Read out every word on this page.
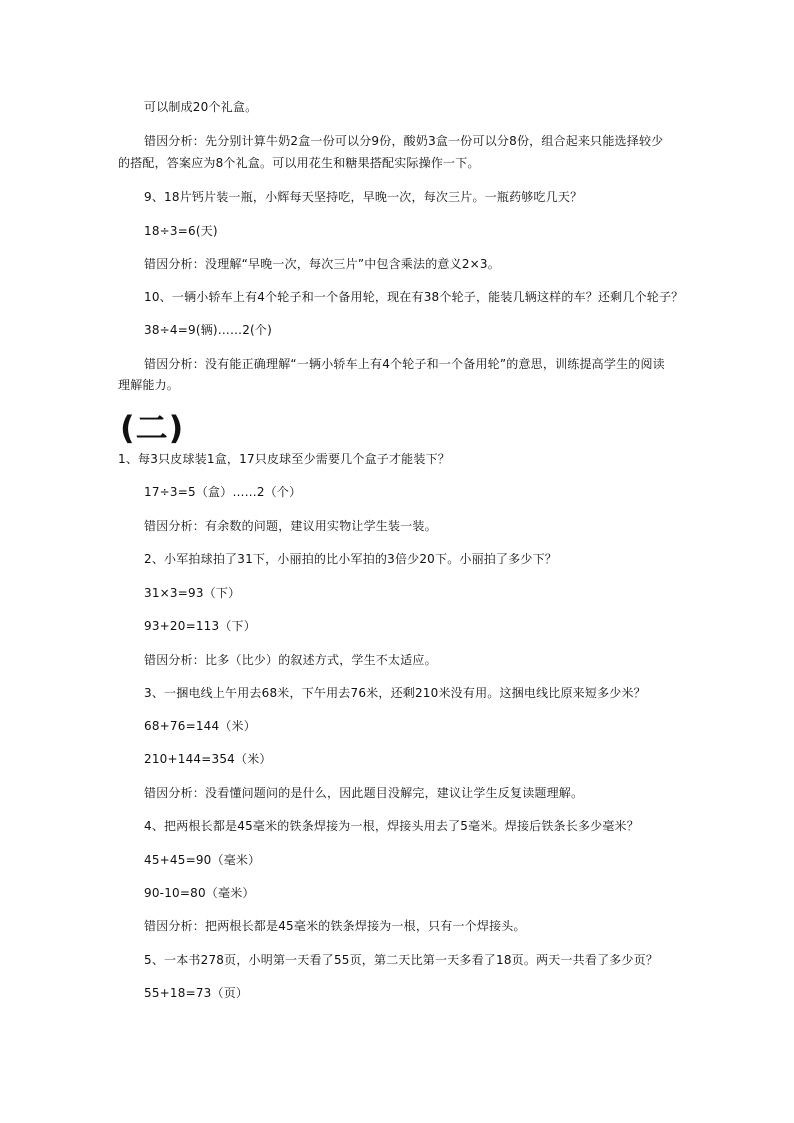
可以制成20个礼盒。
错因分析：先分别计算牛奶2盒一份可以分9份，酸奶3盒一份可以分8份，组合起来只能选择较少
的搭配，答案应为8个礼盒。可以用花生和糖果搭配实际操作一下。
9、18片钙片装一瓶，小辉每天坚持吃，早晚一次，每次三片。一瓶药够吃几天？
18÷3=6(天)
错因分析：没理解“早晚一次，每次三片”中包含乘法的意义2×3。
10、一辆小轿车上有4个轮子和一个备用轮，现在有38个轮子，能装几辆这样的车？还剩几个轮子？
38÷4=9(辆)……2(个)
错因分析：没有能正确理解“一辆小轿车上有4个轮子和一个备用轮”的意思，训练提高学生的阅读
理解能力。
(二)
1、每3只皮球装1盒，17只皮球至少需要几个盒子才能装下？
17÷3=5（盒）……2（个）
错因分析：有余数的问题，建议用实物让学生装一装。
2、小军拍球拍了31下，小丽拍的比小军拍的3倍少20下。小丽拍了多少下？
31×3=93（下）
93+20=113（下）
错因分析：比多（比少）的叙述方式，学生不太适应。
3、一捆电线上午用去68米，下午用去76米，还剩210米没有用。这捆电线比原来短多少米？
68+76=144（米）
210+144=354（米）
错因分析：没看懂问题问的是什么，因此题目没解完，建议让学生反复读题理解。
4、把两根长都是45毫米的铁条焊接为一根，焊接头用去了5毫米。焊接后铁条长多少毫米？
45+45=90（毫米）
90-10=80（毫米）
错因分析：把两根长都是45毫米的铁条焊接为一根，只有一个焊接头。
5、一本书278页，小明第一天看了55页，第二天比第一天多看了18页。两天一共看了多少页？
55+18=73（页）
